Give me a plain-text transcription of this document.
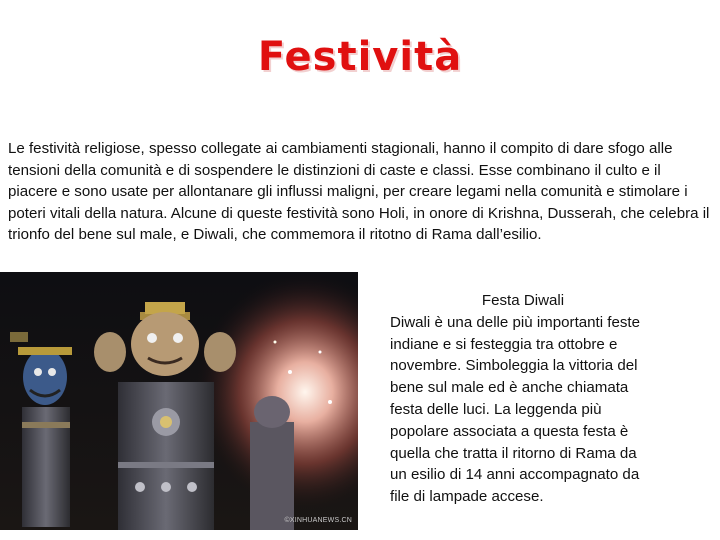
Festività
Le festività religiose, spesso collegate ai cambiamenti stagionali, hanno il compito di dare sfogo alle tensioni della comunità e di sospendere le distinzioni di caste e classi. Esse combinano il culto e il piacere e sono usate per allontanare gli influssi maligni, per creare legami nella comunità e stimolare i poteri vitali della natura. Alcune di queste festività sono Holi, in onore di Krishna, Dusserah, che celebra il trionfo del bene sul male, e Diwali, che commemora il ritotno di Rama dall’esilio.
©XINHUANEWS.CN
Festa Diwali
Diwali è una delle più importanti feste indiane e si festeggia tra ottobre e novembre. Simboleggia la vittoria del bene sul male ed è anche chiamata festa delle luci. La leggenda più popolare associata a questa festa è quella che tratta il ritorno di Rama da un esilio di 14 anni accompagnato da file di lampade accese.
